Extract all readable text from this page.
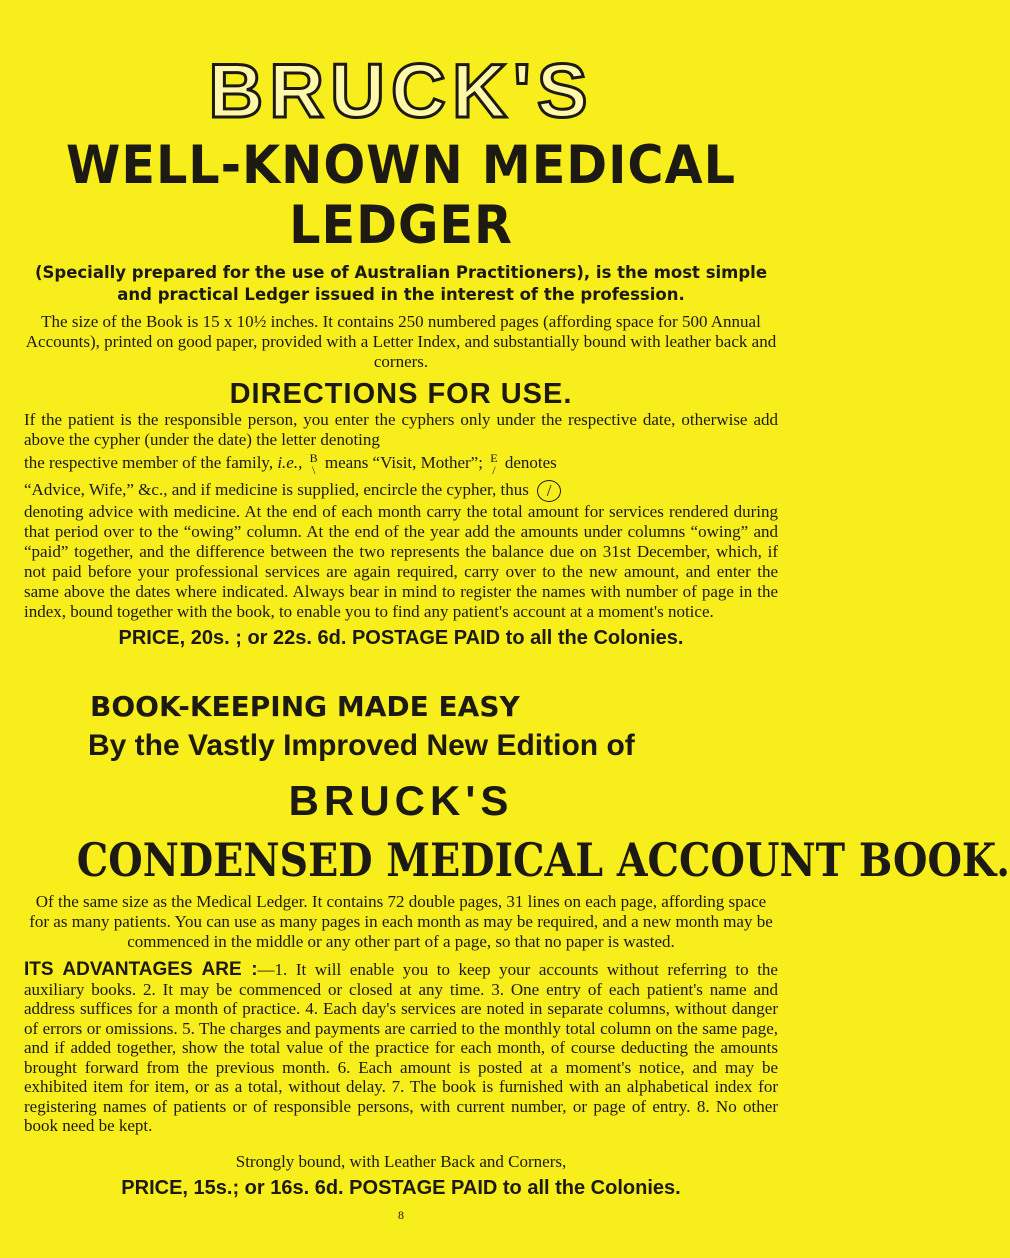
BRUCK'S
WELL-KNOWN MEDICAL LEDGER

(Specially prepared for the use of Australian Practitioners), is the most simple and practical Ledger issued in the interest of the profession.

The size of the Book is 15 x 10½ inches. It contains 250 numbered pages (affording space for 500 Annual Accounts), printed on good paper, provided with a Letter Index, and substantially bound with leather back and corners.

DIRECTIONS FOR USE.

If the patient is the responsible person, you enter the cyphers only under the respective date, otherwise add above the cypher (under the date) the letter denoting

the respective member of the family, i.e., B
\ means “Visit, Mother”; E
/ denotes

“Advice, Wife,” &c., and if medicine is supplied, encircle the cypher, thus /

denoting advice with medicine. At the end of each month carry the total amount for services rendered during that period over to the “owing” column. At the end of the year add the amounts under columns “owing” and “paid” together, and the difference between the two represents the balance due on 31st December, which, if not paid before your professional services are again required, carry over to the new amount, and enter the same above the dates where indicated. Always bear in mind to register the names with number of page in the index, bound together with the book, to enable you to find any patient's account at a moment's notice.

PRICE, 20s. ; or 22s. 6d. POSTAGE PAID to all the Colonies.

BOOK-KEEPING MADE EASY
By the Vastly Improved New Edition of
BRUCK'S
CONDENSED MEDICAL ACCOUNT BOOK.

Of the same size as the Medical Ledger. It contains 72 double pages, 31 lines on each page, affording space for as many patients. You can use as many pages in each month as may be required, and a new month may be commenced in the middle or any other part of a page, so that no paper is wasted.

ITS ADVANTAGES ARE :—1. It will enable you to keep your accounts without referring to the auxiliary books. 2. It may be commenced or closed at any time. 3. One entry of each patient's name and address suffices for a month of practice. 4. Each day's services are noted in separate columns, without danger of errors or omissions. 5. The charges and payments are carried to the monthly total column on the same page, and if added together, show the total value of the practice for each month, of course deducting the amounts brought forward from the previous month. 6. Each amount is posted at a moment's notice, and may be exhibited item for item, or as a total, without delay. 7. The book is furnished with an alphabetical index for registering names of patients or of responsible persons, with current number, or page of entry. 8. No other book need be kept.

Strongly bound, with Leather Back and Corners,

PRICE, 15s.; or 16s. 6d. POSTAGE PAID to all the Colonies.

8
